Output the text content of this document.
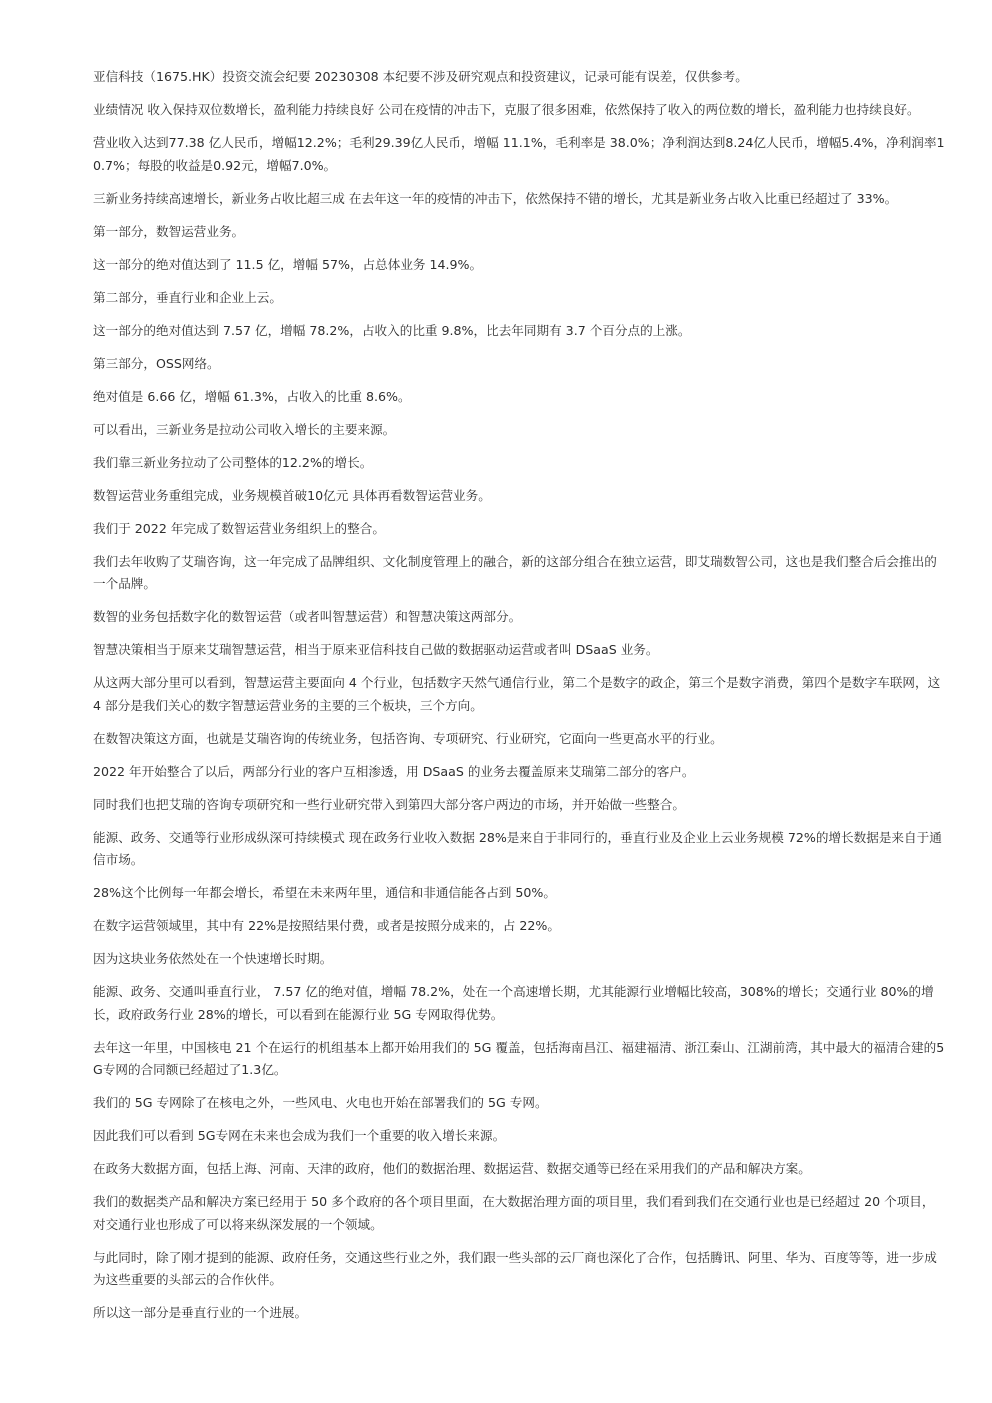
亚信科技（1675.HK）投资交流会纪要 20230308 本纪要不涉及研究观点和投资建议，记录可能有误差，仅供参考。

业绩情况 收入保持双位数增长，盈利能力持续良好 公司在疫情的冲击下，克服了很多困难，依然保持了收入的两位数的增长，盈利能力也持续良好。

营业收入达到77.38 亿人民币，增幅12.2%；毛利29.39亿人民币，增幅 11.1%，毛利率是 38.0%；净利润达到8.24亿人民币，增幅5.4%，净利润率10.7%；每股的收益是0.92元，增幅7.0%。

三新业务持续高速增长，新业务占收比超三成 在去年这一年的疫情的冲击下，依然保持不错的增长，尤其是新业务占收入比重已经超过了 33%。

第一部分，数智运营业务。

这一部分的绝对值达到了 11.5 亿，增幅 57%，占总体业务 14.9%。

第二部分，垂直行业和企业上云。

这一部分的绝对值达到 7.57 亿，增幅 78.2%，占收入的比重 9.8%，比去年同期有 3.7 个百分点的上涨。

第三部分，OSS网络。

绝对值是 6.66 亿，增幅 61.3%，占收入的比重 8.6%。

可以看出，三新业务是拉动公司收入增长的主要来源。

我们靠三新业务拉动了公司整体的12.2%的增长。

数智运营业务重组完成，业务规模首破10亿元 具体再看数智运营业务。

我们于 2022 年完成了数智运营业务组织上的整合。

我们去年收购了艾瑞咨询，这一年完成了品牌组织、文化制度管理上的融合，新的这部分组合在独立运营，即艾瑞数智公司，这也是我们整合后会推出的一个品牌。

数智的业务包括数字化的数智运营（或者叫智慧运营）和智慧决策这两部分。

智慧决策相当于原来艾瑞智慧运营，相当于原来亚信科技自己做的数据驱动运营或者叫 DSaaS 业务。

从这两大部分里可以看到，智慧运营主要面向 4 个行业，包括数字天然气通信行业，第二个是数字的政企，第三个是数字消费，第四个是数字车联网，这 4 部分是我们关心的数字智慧运营业务的主要的三个板块，三个方向。

在数智决策这方面，也就是艾瑞咨询的传统业务，包括咨询、专项研究、行业研究，它面向一些更高水平的行业。

2022 年开始整合了以后，两部分行业的客户互相渗透，用 DSaaS 的业务去覆盖原来艾瑞第二部分的客户。

同时我们也把艾瑞的咨询专项研究和一些行业研究带入到第四大部分客户两边的市场，并开始做一些整合。

能源、政务、交通等行业形成纵深可持续模式 现在政务行业收入数据 28%是来自于非同行的，垂直行业及企业上云业务规模 72%的增长数据是来自于通信市场。

28%这个比例每一年都会增长，希望在未来两年里，通信和非通信能各占到 50%。

在数字运营领域里，其中有 22%是按照结果付费，或者是按照分成来的，占 22%。

因为这块业务依然处在一个快速增长时期。

能源、政务、交通叫垂直行业， 7.57 亿的绝对值，增幅 78.2%，处在一个高速增长期，尤其能源行业增幅比较高，308%的增长；交通行业 80%的增长，政府政务行业 28%的增长，可以看到在能源行业 5G 专网取得优势。

去年这一年里，中国核电 21 个在运行的机组基本上都开始用我们的 5G 覆盖，包括海南昌江、福建福清、浙江秦山、江湖前湾，其中最大的福清合建的5G专网的合同额已经超过了1.3亿。

我们的 5G 专网除了在核电之外，一些风电、火电也开始在部署我们的 5G 专网。

因此我们可以看到 5G专网在未来也会成为我们一个重要的收入增长来源。

在政务大数据方面，包括上海、河南、天津的政府，他们的数据治理、数据运营、数据交通等已经在采用我们的产品和解决方案。

我们的数据类产品和解决方案已经用于 50 多个政府的各个项目里面，在大数据治理方面的项目里，我们看到我们在交通行业也是已经超过 20 个项目，对交通行业也形成了可以将来纵深发展的一个领域。

与此同时，除了刚才提到的能源、政府任务，交通这些行业之外，我们跟一些头部的云厂商也深化了合作，包括腾讯、阿里、华为、百度等等，进一步成为这些重要的头部云的合作伙伴。

所以这一部分是垂直行业的一个进展。
